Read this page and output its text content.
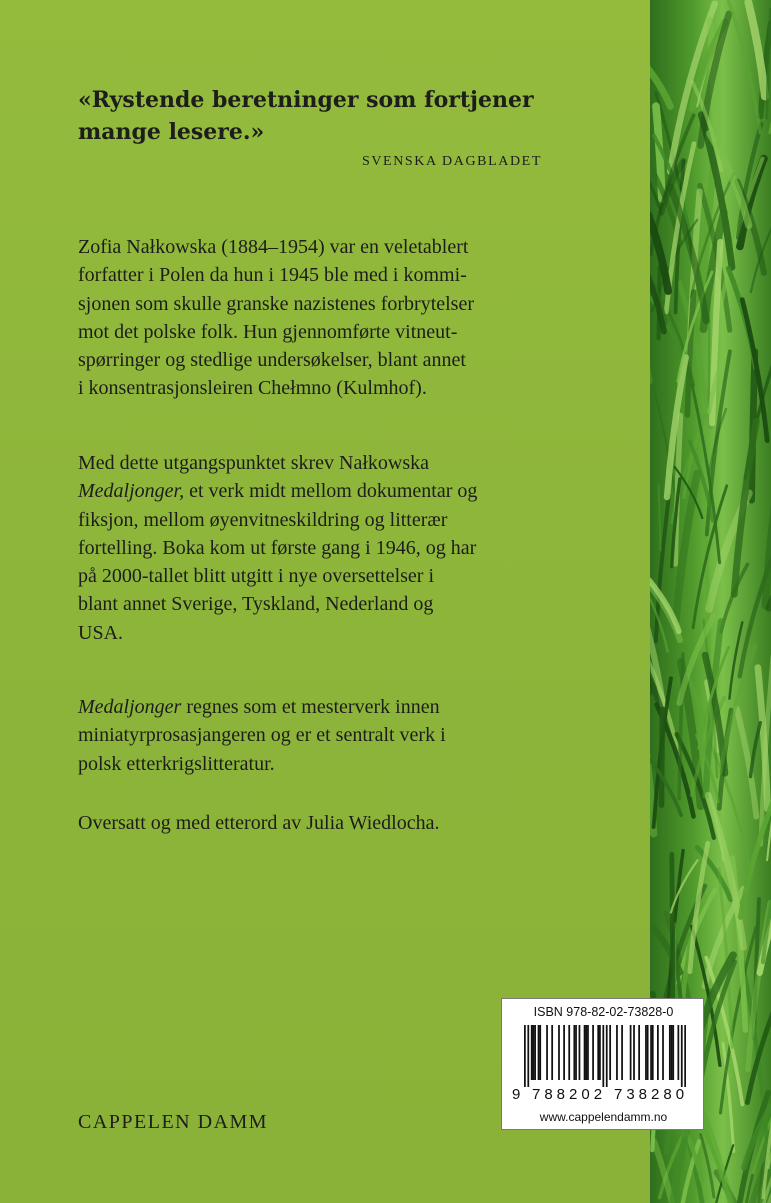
«Rystende beretninger som fortjener
mange lesere.»

SVENSKA DAGBLADET

Zofia Nałkowska (1884–1954) var en veletablert
forfatter i Polen da hun i 1945 ble med i kommi-
sjonen som skulle granske nazistenes forbrytelser
mot det polske folk. Hun gjennomførte vitneut-
spørringer og stedlige undersøkelser, blant annet
i konsentrasjonsleiren Chełmno (Kulmhof).
Med dette utgangspunktet skrev Nałkowska
Medaljonger, et verk midt mellom dokumentar og
fiksjon, mellom øyenvitneskildring og litterær
fortelling. Boka kom ut første gang i 1946, og har
på 2000-tallet blitt utgitt i nye oversettelser i
blant annet Sverige, Tyskland, Nederland og
USA.
Medaljonger regnes som et mesterverk innen
miniatyrprosasjangeren og er et sentralt verk i
polsk etterkrigslitteratur.
Oversatt og med etterord av Julia Wiedlocha.

CAPPELEN DAMM

ISBN 978-82-02-73828-0

9 788202 738280

www.cappelendamm.no
